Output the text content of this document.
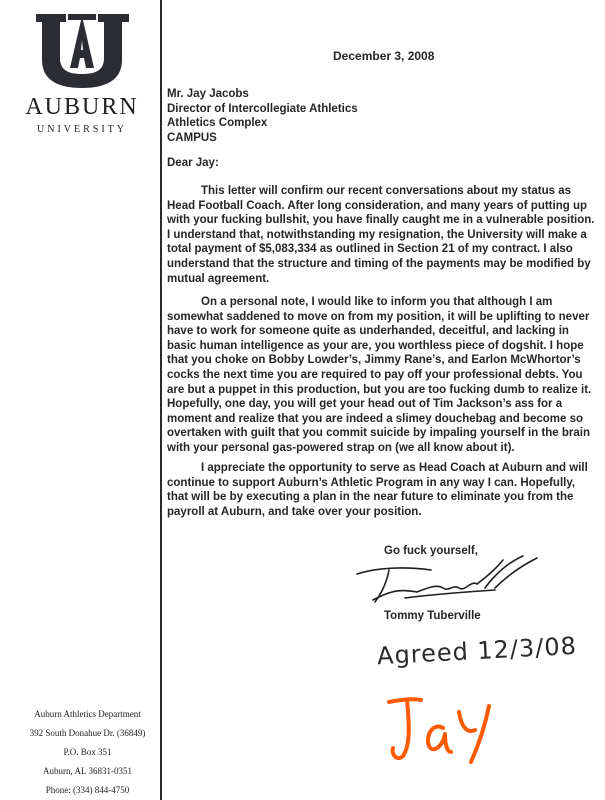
AU
AUBURN
UNIVERSITY
Auburn Athletics Department
392 South Donahue Dr. (36849)
P.O. Box 351
Auburn, AL 36831-0351
Phone: (334) 844-4750
December 3, 2008
Mr. Jay Jacobs
Director of Intercollegiate Athletics
Athletics Complex
CAMPUS
Dear Jay:

This letter will confirm our recent conversations about my status as Head Football Coach. After long consideration, and many years of putting up with your fucking bullshit, you have finally caught me in a vulnerable position. I understand that, notwithstanding my resignation, the University will make a total payment of $5,083,334 as outlined in Section 21 of my contract. I also understand that the structure and timing of the payments may be modified by mutual agreement.

On a personal note, I would like to inform you that although I am somewhat saddened to move on from my position, it will be uplifting to never have to work for someone quite as underhanded, deceitful, and lacking in basic human intelligence as your are, you worthless piece of dogshit. I hope that you choke on Bobby Lowder’s, Jimmy Rane’s, and Earlon McWhortor’s cocks the next time you are required to pay off your professional debts. You are but a puppet in this production, but you are too fucking dumb to realize it. Hopefully, one day, you will get your head out of Tim Jackson’s ass for a moment and realize that you are indeed a slimey douchebag and become so overtaken with guilt that you commit suicide by impaling yourself in the brain with your personal gas-powered strap on (we all know about it).

I appreciate the opportunity to serve as Head Coach at Auburn and will continue to support Auburn’s Athletic Program in any way I can. Hopefully, that will be by executing a plan in the near future to eliminate you from the payroll at Auburn, and take over your position.

Go fuck yourself,
Tommy Tuberville
Agreed 12/3/08
